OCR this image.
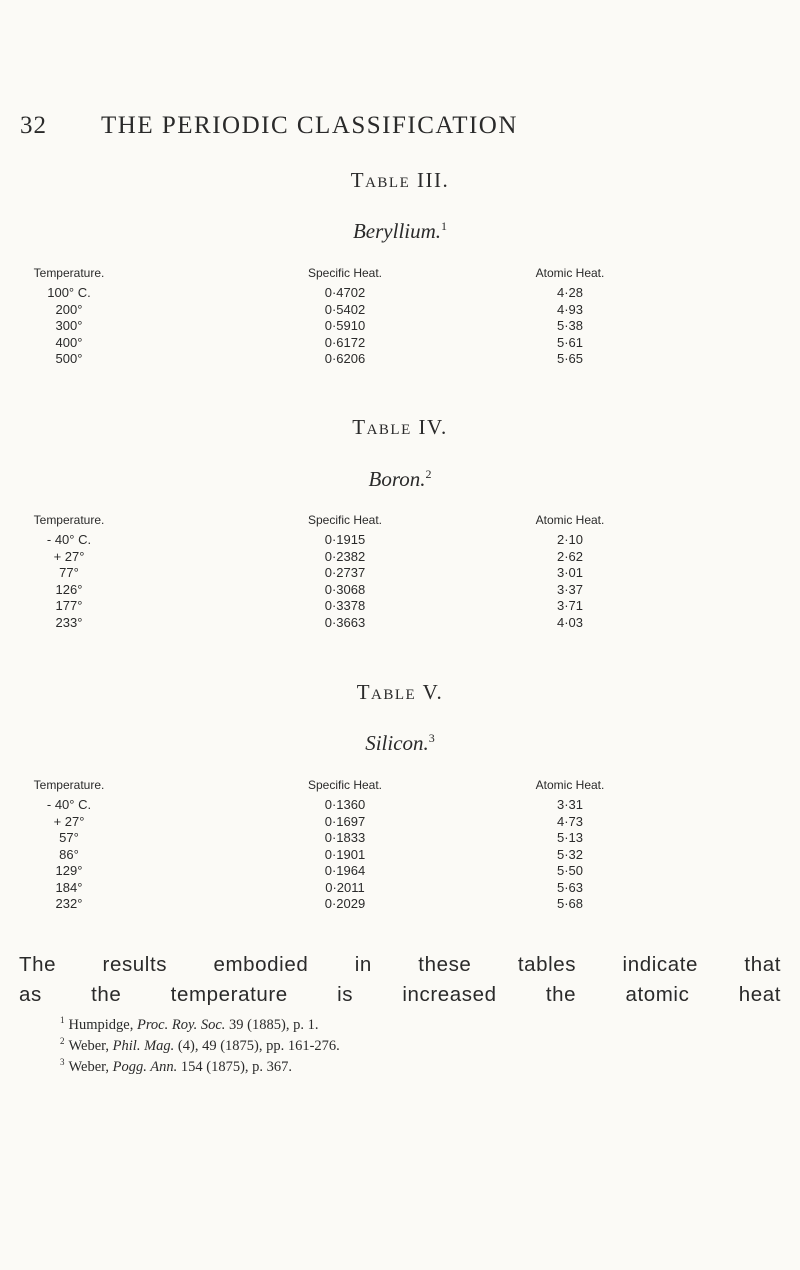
32 THE PERIODIC CLASSIFICATION
Table III.
Beryllium.$^1$
Temperature.	Specific Heat.	Atomic Heat.
100° C.	0·4702	4·28
200°	0·5402	4·93
300°	0·5910	5·38
400°	0·6172	5·61
500°	0·6206	5·65
Table IV.
Boron.$^2$
Temperature.	Specific Heat.	Atomic Heat.
- 40° C.	0·1915	2·10
+ 27°	0·2382	2·62
77°	0·2737	3·01
126°	0·3068	3·37
177°	0·3378	3·71
233°	0·3663	4·03
Table V.
Silicon.$^3$
Temperature.	Specific Heat.	Atomic Heat.
- 40° C.	0·1360	3·31
+ 27°	0·1697	4·73
57°	0·1833	5·13
86°	0·1901	5·32
129°	0·1964	5·50
184°	0·2011	5·63
232°	0·2029	5·68
The results embodied in these tables indicate that
as the temperature is increased the atomic heat
$^1$ Humpidge, Proc. Roy. Soc. 39 (1885), p. 1.
$^2$ Weber, Phil. Mag. (4), 49 (1875), pp. 161-276.
$^3$ Weber, Pogg. Ann. 154 (1875), p. 367.
